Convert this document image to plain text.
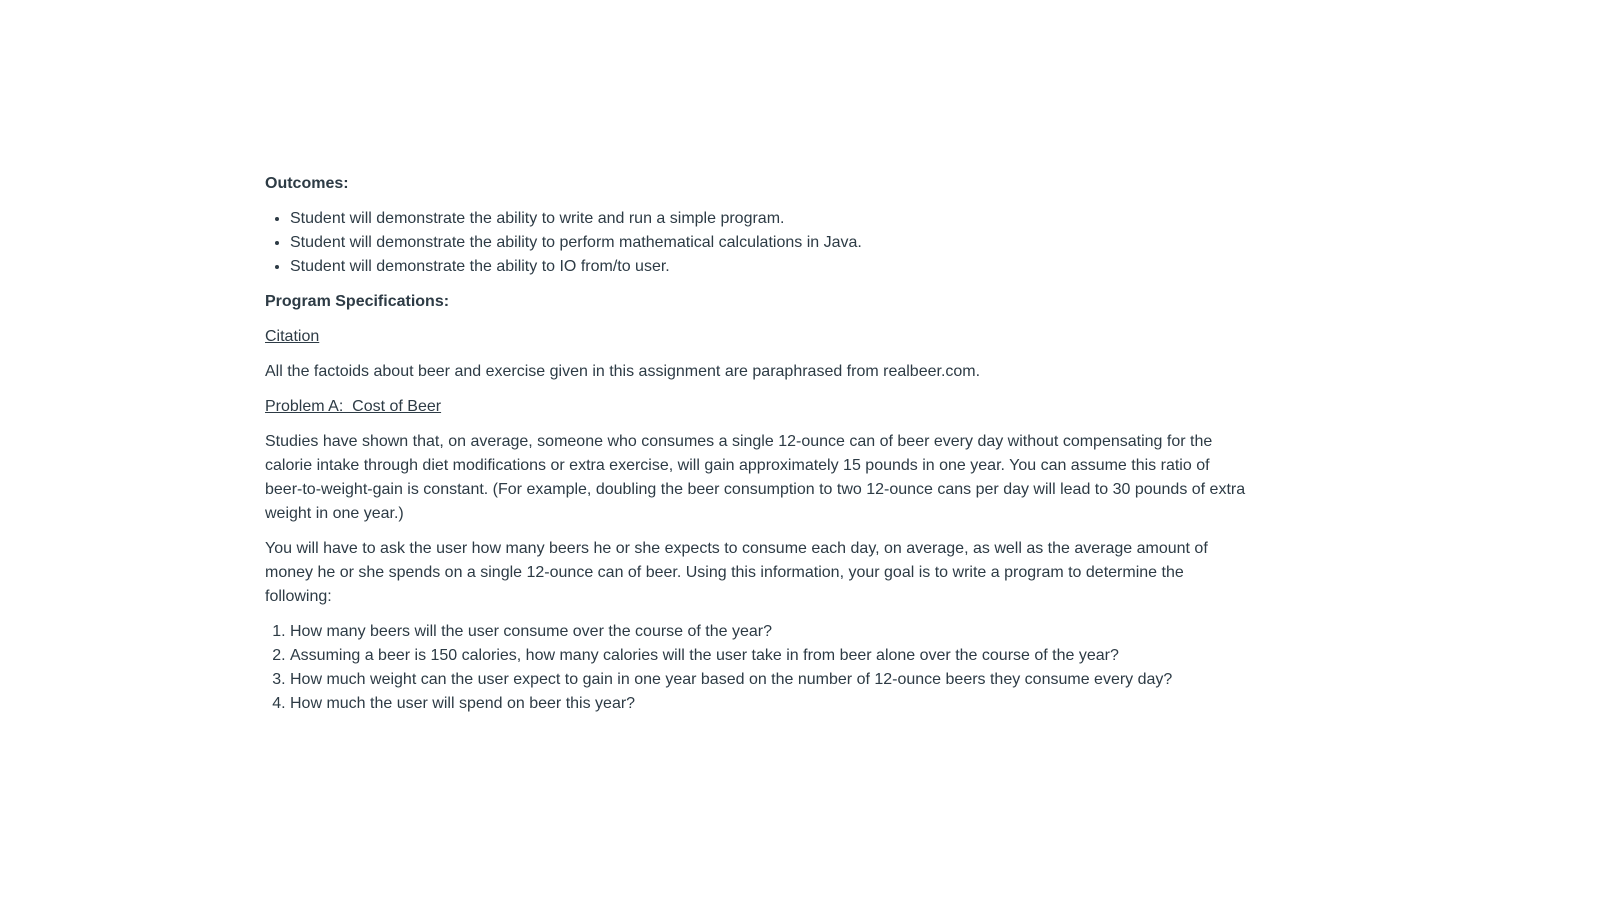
Outcomes:

• Student will demonstrate the ability to write and run a simple program.
• Student will demonstrate the ability to perform mathematical calculations in Java.
• Student will demonstrate the ability to IO from/to user.

Program Specifications:

Citation

All the factoids about beer and exercise given in this assignment are paraphrased from realbeer.com.

Problem A:  Cost of Beer

Studies have shown that, on average, someone who consumes a single 12-ounce can of beer every day without compensating for the calorie intake through diet modifications or extra exercise, will gain approximately 15 pounds in one year. You can assume this ratio of beer-to-weight-gain is constant. (For example, doubling the beer consumption to two 12-ounce cans per day will lead to 30 pounds of extra weight in one year.)

You will have to ask the user how many beers he or she expects to consume each day, on average, as well as the average amount of money he or she spends on a single 12-ounce can of beer. Using this information, your goal is to write a program to determine the following:

1. How many beers will the user consume over the course of the year?
2. Assuming a beer is 150 calories, how many calories will the user take in from beer alone over the course of the year?
3. How much weight can the user expect to gain in one year based on the number of 12-ounce beers they consume every day?
4. How much the user will spend on beer this year?
